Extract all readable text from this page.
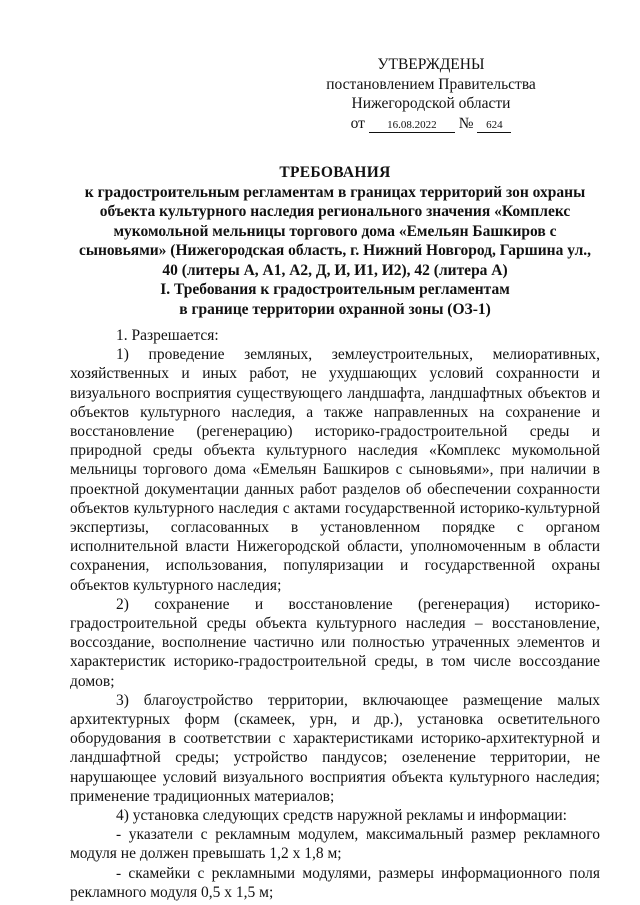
УТВЕРЖДЕНЫ
постановлением Правительства
Нижегородской области
от 16.08.2022 № 624
ТРЕБОВАНИЯ
к градостроительным регламентам в границах территорий зон охраны объекта культурного наследия регионального значения «Комплекс мукомольной мельницы торгового дома «Емельян Башкиров с сыновьями» (Нижегородская область, г. Нижний Новгород, Гаршина ул., 40 (литеры А, А1, А2, Д, И, И1, И2), 42 (литера А)
I. Требования к градостроительным регламентам
в границе территории охранной зоны (ОЗ-1)

1. Разрешается:

1) проведение земляных, землеустроительных, мелиоративных, хозяйственных и иных работ, не ухудшающих условий сохранности и визуального восприятия существующего ландшафта, ландшафтных объектов и объектов культурного наследия, а также направленных на сохранение и восстановление (регенерацию) историко-градостроительной среды и природной среды объекта культурного наследия «Комплекс мукомольной мельницы торгового дома «Емельян Башкиров с сыновьями», при наличии в проектной документации данных работ разделов об обеспечении сохранности объектов культурного наследия с актами государственной историко-культурной экспертизы, согласованных в установленном порядке с органом исполнительной власти Нижегородской области, уполномоченным в области сохранения, использования, популяризации и государственной охраны объектов культурного наследия;

2) сохранение и восстановление (регенерация) историко-градостроительной среды объекта культурного наследия – восстановление, воссоздание, восполнение частично или полностью утраченных элементов и характеристик историко-градостроительной среды, в том числе воссоздание домов;

3) благоустройство территории, включающее размещение малых архитектурных форм (скамеек, урн, и др.), установка осветительного оборудования в соответствии с характеристиками историко-архитектурной и ландшафтной среды; устройство пандусов; озеленение территории, не нарушающее условий визуального восприятия объекта культурного наследия; применение традиционных материалов;

4) установка следующих средств наружной рекламы и информации:

- указатели с рекламным модулем, максимальный размер рекламного модуля не должен превышать 1,2 х 1,8 м;

- скамейки с рекламными модулями, размеры информационного поля рекламного модуля 0,5 х 1,5 м;
